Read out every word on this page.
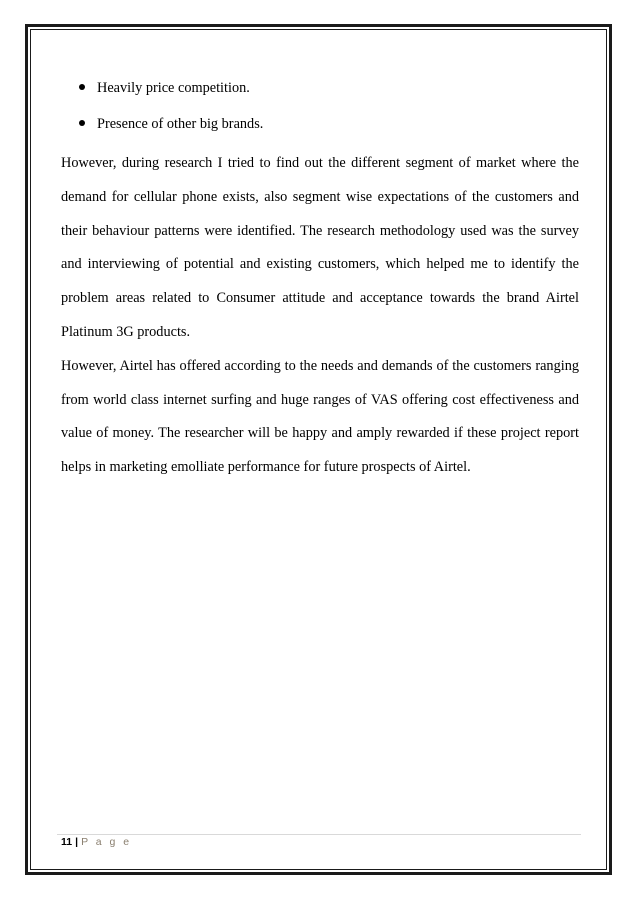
Heavily price competition.
Presence of other big brands.

However, during research I tried to find out the different segment of market where the demand for cellular phone exists, also segment wise expectations of the customers and their behaviour patterns were identified. The research methodology used was the survey and interviewing of potential and existing customers, which helped me to identify the problem areas related to Consumer attitude and acceptance towards the brand Airtel Platinum 3G products.

However, Airtel has offered according to the needs and demands of the customers ranging from world class internet surfing and huge ranges of VAS offering cost effectiveness and value of money. The researcher will be happy and amply rewarded if these project report helps in marketing emolliate performance for future prospects of Airtel.

11 | P a g e
